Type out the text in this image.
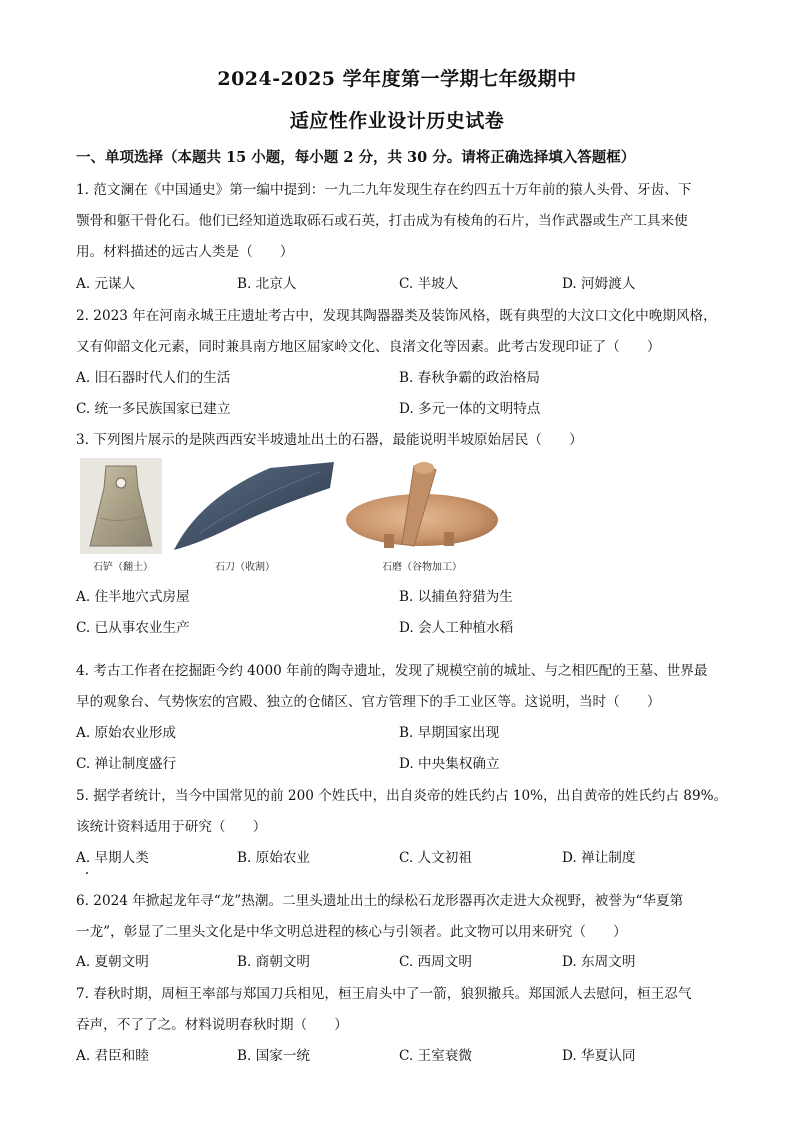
2024-2025 学年度第一学期七年级期中
适应性作业设计历史试卷
一、单项选择（本题共 15 小题，每小题 2 分，共 30 分。请将正确选择填入答题框）
1. 范文澜在《中国通史》第一编中提到：一九二九年发现生存在约四五十万年前的猿人头骨、牙齿、下
颚骨和躯干骨化石。他们已经知道选取砾石或石英，打击成为有棱角的石片，当作武器或生产工具来使
用。材料描述的远古人类是（　　）
A. 元谋人	B. 北京人	C. 半坡人	D. 河姆渡人
2. 2023 年在河南永城王庄遗址考古中，发现其陶器器类及装饰风格，既有典型的大汶口文化中晚期风格，
又有仰韶文化元素，同时兼具南方地区屈家岭文化、良渚文化等因素。此考古发现印证了（　　）
A. 旧石器时代人们的生活	B. 春秋争霸的政治格局
C. 统一多民族国家已建立	D. 多元一体的文明特点
3. 下列图片展示的是陕西西安半坡遗址出土的石器，最能说明半坡原始居民（　　）
石铲（翻土）	石刀（收割）	石磨（谷物加工）
A. 住半地穴式房屋	B. 以捕鱼狩猎为生
C. 已从事农业生产	D. 会人工种植水稻
4. 考古工作者在挖掘距今约 4000 年前的陶寺遗址，发现了规模空前的城址、与之相匹配的王墓、世界最
早的观象台、气势恢宏的宫殿、独立的仓储区、官方管理下的手工业区等。这说明，当时（　　）
A. 原始农业形成	B. 早期国家出现
C. 禅让制度盛行	D. 中央集权确立
5. 据学者统计，当今中国常见的前 200 个姓氏中，出自炎帝的姓氏约占 10%，出自黄帝的姓氏约占 89%。
该统计资料适用于研究（　　）
A. 早期人类	B. 原始农业	C. 人文初祖	D. 禅让制度
6. 2024 年掀起龙年寻“龙”热潮。二里头遗址出土的绿松石龙形器再次走进大众视野，被誉为“华夏第
一龙”，彰显了二里头文化是中华文明总进程的核心与引领者。此文物可以用来研究（　　）
A. 夏朝文明	B. 商朝文明	C. 西周文明	D. 东周文明
7. 春秋时期，周桓王率部与郑国刀兵相见，桓王肩头中了一箭，狼狈撤兵。郑国派人去慰问，桓王忍气
吞声，不了了之。材料说明春秋时期（　　）
A. 君臣和睦	B. 国家一统	C. 王室衰微	D. 华夏认同
